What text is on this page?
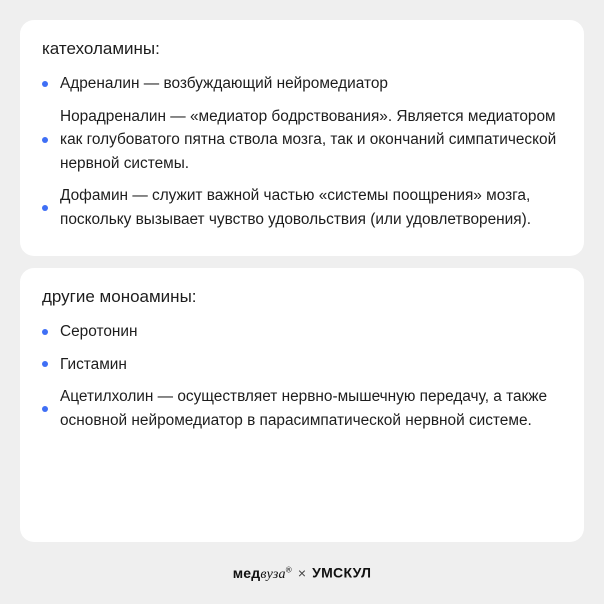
катехоламины:
Адреналин — возбуждающий нейромедиатор
Норадреналин — «медиатор бодрствования». Является медиатором как голубоватого пятна ствола мозга, так и окончаний симпатической нервной системы.
Дофамин — служит важной частью «системы поощрения» мозга, поскольку вызывает чувство удовольствия (или удовлетворения).
другие моноамины:
Серотонин
Гистамин
Ацетилхолин — осуществляет нервно-мышечную передачу, а также основной нейромедиатор в парасимпатической нервной системе.
медвуза® × УМСКУЛ
